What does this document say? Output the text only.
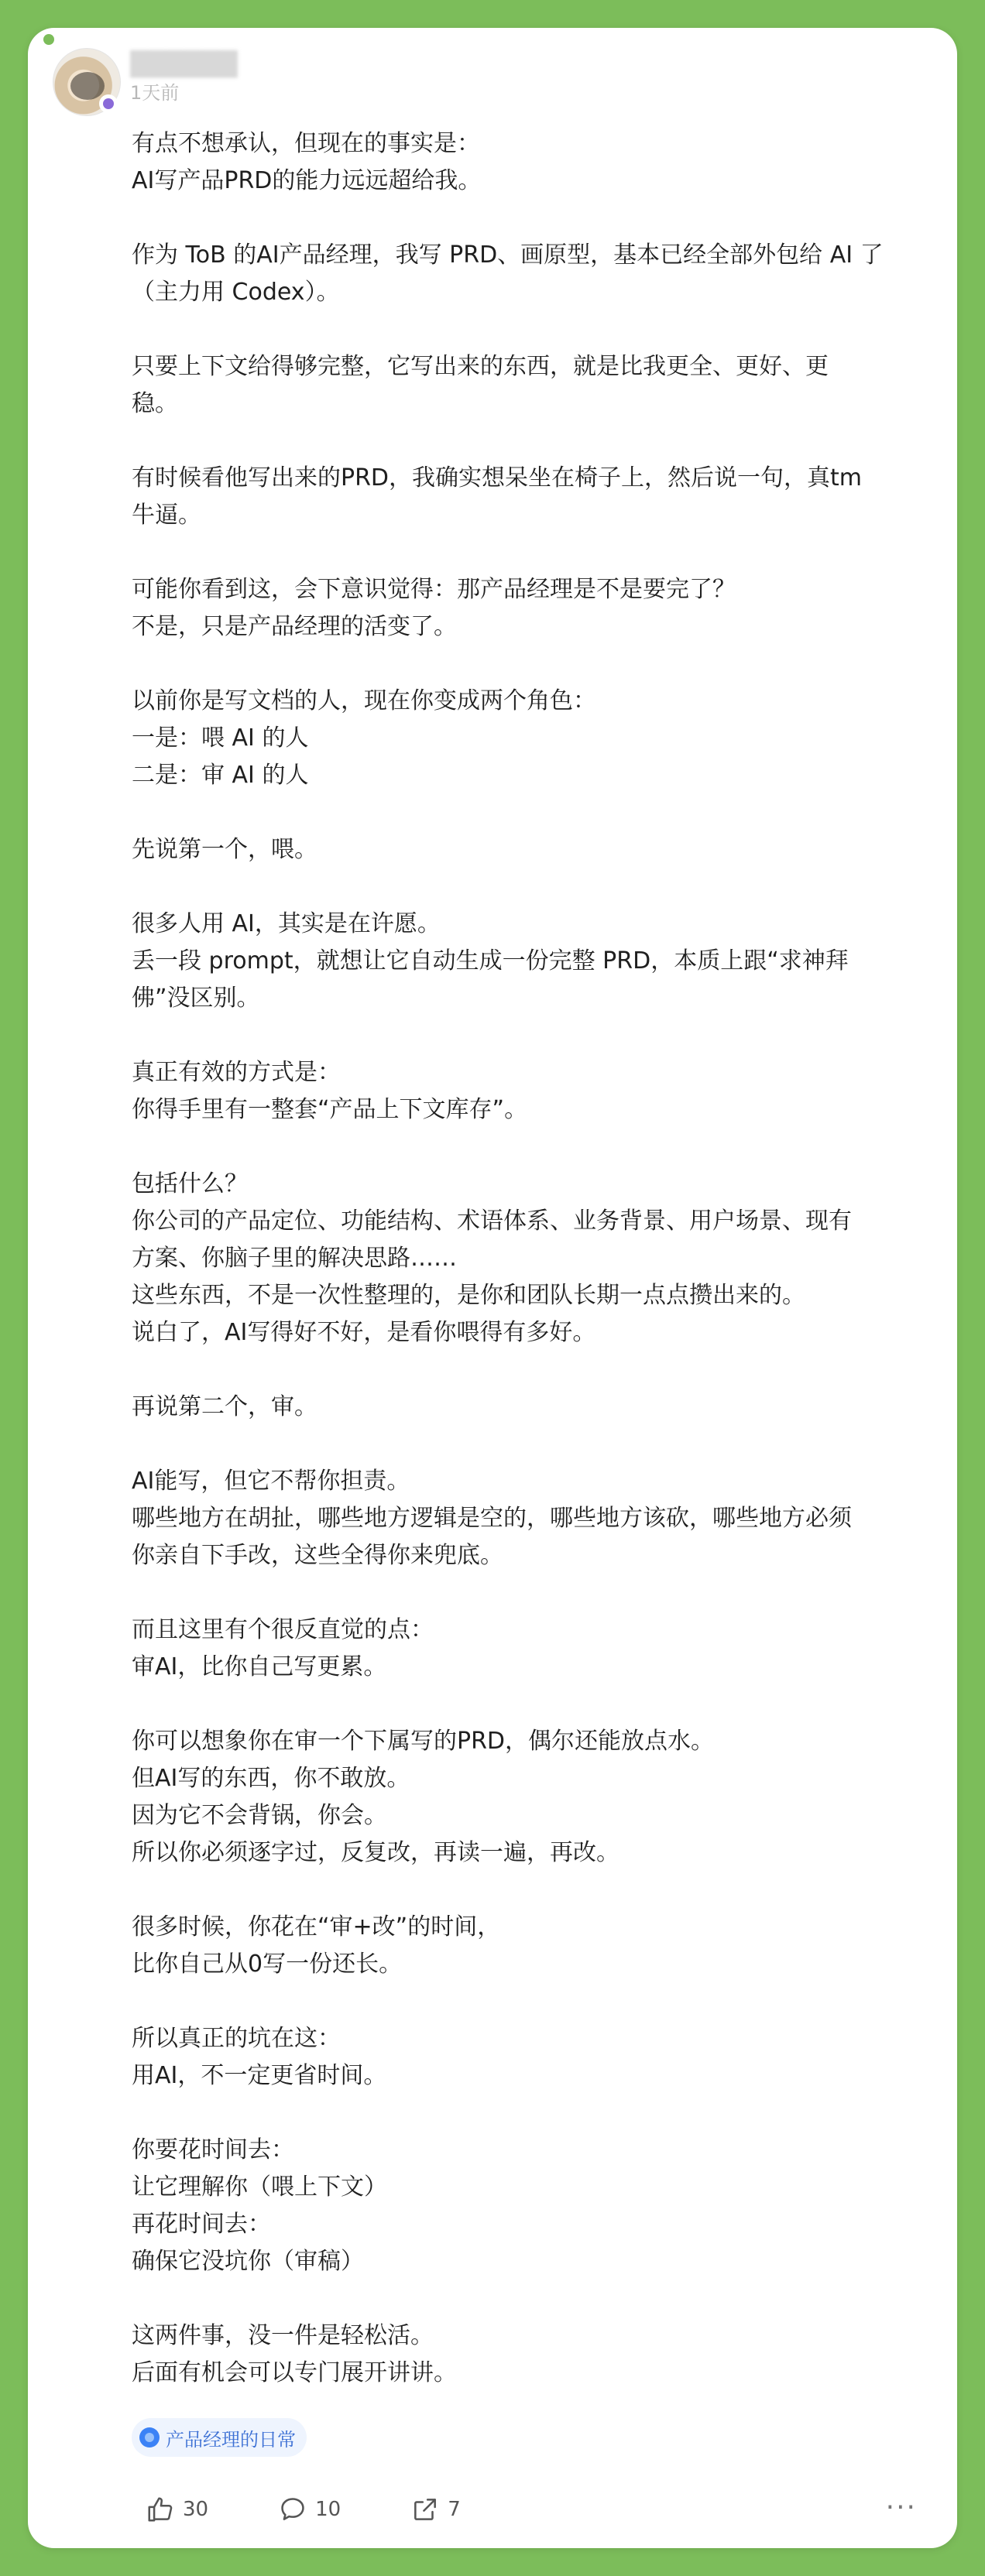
██████
1天前

有点不想承认，但现在的事实是：
AI写产品PRD的能力远远超给我。

作为 ToB 的AI产品经理，我写 PRD、画原型，基本已经全部外包给 AI 了
（主力用 Codex）。

只要上下文给得够完整，它写出来的东西，就是比我更全、更好、更
稳。

有时候看他写出来的PRD，我确实想呆坐在椅子上，然后说一句，真tm
牛逼。

可能你看到这，会下意识觉得：那产品经理是不是要完了？
不是，只是产品经理的活变了。

以前你是写文档的人，现在你变成两个角色：
一是：喂 AI 的人
二是：审 AI 的人

先说第一个，喂。

很多人用 AI，其实是在许愿。
丢一段 prompt，就想让它自动生成一份完整 PRD，本质上跟“求神拜
佛”没区别。

真正有效的方式是：
你得手里有一整套“产品上下文库存”。

包括什么？
你公司的产品定位、功能结构、术语体系、业务背景、用户场景、现有
方案、你脑子里的解决思路……
这些东西，不是一次性整理的，是你和团队长期一点点攒出来的。
说白了，AI写得好不好，是看你喂得有多好。

再说第二个，审。

AI能写，但它不帮你担责。
哪些地方在胡扯，哪些地方逻辑是空的，哪些地方该砍，哪些地方必须
你亲自下手改，这些全得你来兜底。

而且这里有个很反直觉的点：
审AI，比你自己写更累。

你可以想象你在审一个下属写的PRD，偶尔还能放点水。
但AI写的东西，你不敢放。
因为它不会背锅，你会。
所以你必须逐字过，反复改，再读一遍，再改。

很多时候，你花在“审+改”的时间，
比你自己从0写一份还长。

所以真正的坑在这：
用AI，不一定更省时间。

你要花时间去：
让它理解你（喂上下文）
再花时间去：
确保它没坑你（审稿）

这两件事，没一件是轻松活。
后面有机会可以专门展开讲讲。

产品经理的日常
30	10	7	···
